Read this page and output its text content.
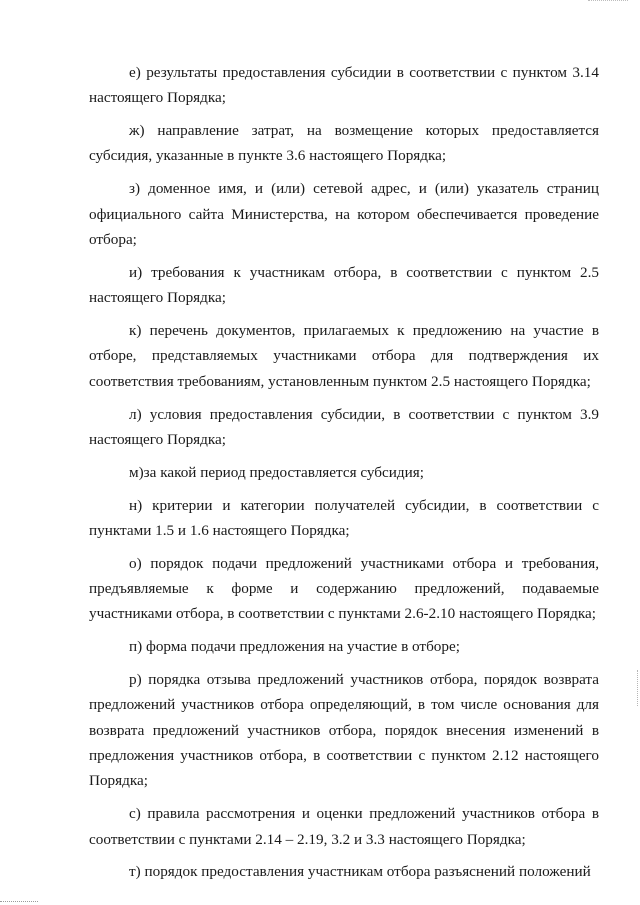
е) результаты предоставления субсидии в соответствии с пунктом 3.14 настоящего Порядка;

ж) направление затрат, на возмещение которых предоставляется субсидия, указанные в пункте 3.6 настоящего Порядка;

з) доменное имя, и (или) сетевой адрес, и (или) указатель страниц официального сайта Министерства, на котором обеспечивается проведение отбора;

и) требования к участникам отбора, в соответствии с пунктом 2.5 настоящего Порядка;

к) перечень документов, прилагаемых к предложению на участие в отборе, представляемых участниками отбора для подтверждения их соответствия требованиям, установленным пунктом 2.5 настоящего Порядка;

л) условия предоставления субсидии, в соответствии с пунктом 3.9 настоящего Порядка;

м)за какой период предоставляется субсидия;

н) критерии и категории получателей субсидии, в соответствии с пунктами 1.5 и 1.6 настоящего Порядка;

о) порядок подачи предложений участниками отбора и требования, предъявляемые к форме и содержанию предложений, подаваемые участниками отбора, в соответствии с пунктами 2.6-2.10 настоящего Порядка;

п) форма подачи предложения на участие в отборе;

р) порядка отзыва предложений участников отбора, порядок возврата предложений участников отбора определяющий, в том числе основания для возврата предложений участников отбора, порядок внесения изменений в предложения участников отбора, в соответствии с пунктом 2.12 настоящего Порядка;

с) правила рассмотрения и оценки предложений участников отбора в соответствии с пунктами 2.14 – 2.19, 3.2 и 3.3 настоящего Порядка;

т) порядок предоставления участникам отбора разъяснений положений
